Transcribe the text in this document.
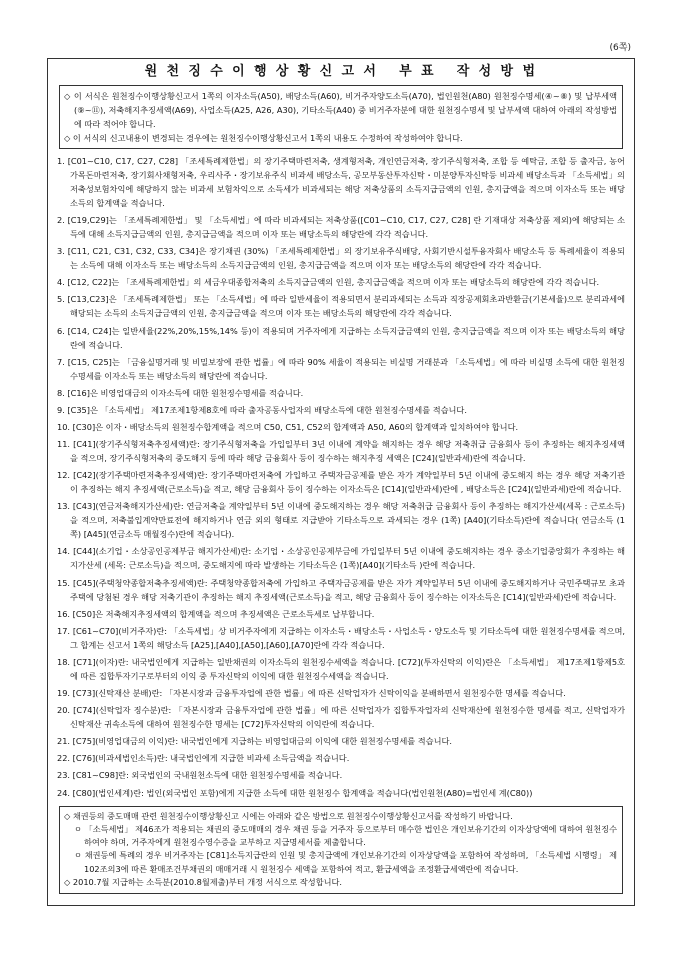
(6쪽)
원 천 징 수 이 행 상 황 신 고 서   부 표   작 성 방 법

◇ 이 서식은 원천징수이행상황신고서 1쪽의 이자소득(A50), 배당소득(A60), 비거주자양도소득(A70), 법인원천(A80) 원천징수명세(④~⑧) 및 납부세액(⑨~⑪), 저축해지추징세액(A69), 사업소득(A25, A26, A30), 기타소득(A40) 중 비거주자분에 대한 원천징수명세 및 납부세액 대하여 아래의 작성방법에 따라 적어야 합니다.

◇ 이 서식의 신고내용이 변경되는 경우에는 원천징수이행상황신고서 1쪽의 내용도 수정하여 작성하여야 합니다.

1. [C01~C10, C17, C27, C28] 「조세특례제한법」의 장기주택마련저축, 생계형저축, 개인연금저축, 장기주식형저축, 조합 등 예탁금, 조합 등 출자금, 농어가목돈마련저축, 장기회사채형저축, 우리사주・장기보유주식 비과세 배당소득, 공모부동산투자신탁・미분양투자신탁등 비과세 배당소득과 「소득세법」의 저축성보험차익에 해당하지 않는 비과세 보험차익으로 소득세가 비과세되는 해당 저축상품의 소득지급금액의 인원, 총지급액을 적으며 이자소득 또는 배당소득의 합계액을 적습니다.
2. [C19,C29]는 「조세특례제한법」 및 「소득세법」에 따라 비과세되는 저축상품([C01~C10, C17, C27, C28] 란 기재대상 저축상품 제외)에 해당되는 소득에 대해 소득지급금액의 인원, 총지급금액을 적으며 이자 또는 배당소득의 해당란에 각각 적습니다.
3. [C11, C21, C31, C32, C33, C34]은 장기채권 (30%) 「조세특례제한법」의 장기보유주식배당, 사회기반시설투융자회사 배당소득 등 특례세율이 적용되는 소득에 대해 이자소득 또는 배당소득의 소득지급금액의 인원, 총지급금액을 적으며 이자 또는 배당소득의 해당란에 각각 적습니다.
4. [C12, C22]는 「조세특례제한법」의 세금우대종합저축의 소득지급금액의 인원, 총지급금액을 적으며 이자 또는 배당소득의 해당란에 각각 적습니다.
5. [C13,C23]은 「조세특례제한법」 또는 「소득세법」에 따라 일반세율이 적용되면서 분리과세되는 소득과 직장공제회초과반환금(기본세율)으로 분리과세에 해당되는 소득의 소득지급금액의 인원, 총지급금액을 적으며 이자 또는 배당소득의 해당란에 각각 적습니다.
6. [C14, C24]는 일반세율(22%,20%,15%,14% 등)이 적용되며 거주자에게 지급하는 소득지급금액의 인원, 총지급금액을 적으며 이자 또는 배당소득의 해당란에 적습니다.
7. [C15, C25]는 「금융실명거래 및 비밀보장에 관한 법률」에 따라 90% 세율이 적용되는 비실명 거래분과 「소득세법」에 따라 비실명 소득에 대한 원천징수명세를 이자소득 또는 배당소득의 해당란에 적습니다.
8. [C16]은 비영업대금의 이자소득에 대한 원천징수명세를 적습니다.
9. [C35]은 「소득세법」 제17조제1항제8호에 따라 출자공동사업자의 배당소득에 대한 원천징수명세를 적습니다.
10. [C30]은 이자・배당소득의 원천징수합계액을 적으며 C50, C51, C52의 합계액과 A50, A60의 합계액과 일치하여야 합니다.
11. [C41](장기주식형저축추징세액)란: 장기주식형저축을 가입일부터 3년 이내에 계약을 해지하는 경우 해당 저축취급 금융회사 등이 추징하는 해지추징세액을 적으며, 장기주식형저축의 중도해지 등에 따라 해당 금융회사 등이 징수하는 해지추징 세액은 [C24](일반과세)란에 적습니다.
12. [C42](장기주택마련저축추징세액)란: 장기주택마련저축에 가입하고 주택자금공제를 받은 자가 계약일부터 5년 이내에 중도해지 하는 경우 해당 저축기관이 추징하는 해지 추징세액(근로소득)을 적고, 해당 금융회사 등이 징수하는 이자소득은 [C14](일반과세)란에 , 배당소득은 [C24](일반과세)란에 적습니다.
13. [C43](연금저축해지가산세)란: 연금저축을 계약일부터 5년 이내에 중도해지하는 경우 해당 저축취급 금융회사 등이 추징하는 해지가산세(세목 : 근로소득)을 적으며, 저축불입계약만료전에 해지하거나 연금 외의 형태로 지급받아 기타소득으로 과세되는 경우 (1쪽) [A40](기타소득)란에 적습니다( 연금소득 (1쪽) [A45](연금소득 매월징수)란에 적습니다).
14. [C44](소기업・소상공인공제부금 해지가산세)란: 소기업・소상공인공제부금에 가입일부터 5년 이내에 중도해지하는 경우 중소기업중앙회가 추징하는 해지가산세 (세목: 근로소득)을 적으며, 중도해지에 따라 발생하는 기타소득은 (1쪽)[A40](기타소득 )란에 적습니다.
15. [C45](주택청약종합저축추징세액)란: 주택청약종합저축에 가입하고 주택자금공제를 받은 자가 계약일부터 5년 이내에 중도해지하거나 국민주택규모 초과 주택에 당첨된 경우 해당 저축기관이 추징하는 해지 추징세액(근로소득)을 적고, 해당 금융회사 등이 징수하는 이자소득은 [C14](일반과세)란에 적습니다.
16. [C50]은 저축해지추징세액의 합계액을 적으며 추징세액은 근로소득세로 납부합니다.
17. [C61~C70](비거주자)란: 「소득세법」상 비거주자에게 지급하는 이자소득・배당소득・사업소득・양도소득 및 기타소득에 대한 원천징수명세를 적으며, 그 합계는 신고서 1쪽의 해당소득 [A25],[A40],[A50],[A60],[A70]란에 각각 적습니다.
18. [C71](이자)란: 내국법인에게 지급하는 일반채권의 이자소득의 원천징수세액을 적습니다. [C72](투자신탁의 이익)란은 「소득세법」 제17조제1항제5호에 따른 집합투자기구로부터의 이익 중 투자신탁의 이익에 대한 원천징수세액을 적습니다.
19. [C73](신탁재산 분배)란: 「자본시장과 금융투자업에 관한 법률」에 따른 신탁업자가 신탁이익을 분배하면서 원천징수한 명세를 적습니다.
20. [C74](신탁업자 징수분)란: 「자본시장과 금융투자업에 관한 법률」에 따른 신탁업자가 집합투자업자의 신탁재산에 원천징수한 명세를 적고, 신탁업자가 신탁재산 귀속소득에 대하여 원천징수한 명세는 [C72]투자신탁의 이익란에 적습니다.
21. [C75](비영업대금의 이익)란: 내국법인에게 지급하는 비영업대금의 이익에 대한 원천징수명세를 적습니다.
22. [C76](비과세법인소득)란: 내국법인에게 지급한 비과세 소득금액을 적습니다.
23. [C81~C98]란: 외국법인의 국내원천소득에 대한 원천징수명세를 적습니다.
24. [C80](법인세계)란: 법인(외국법인 포함)에게 지급한 소득에 대한 원천징수 합계액을 적습니다(법인원천(A80)=법인세 계(C80))

◇ 채권등의 중도매매 관련 원천징수이행상황신고 시에는 아래와 같은 방법으로 원천징수이행상황신고서를 작성하기 바랍니다.

ㅇ 「소득세법」 제46조가 적용되는 채권의 중도매매의 경우 채권 등을 거주자 등으로부터 매수한 법인은 개인보유기간의 이자상당액에 대하여 원천징수하여야 하며, 거주자에게 원천징수영수증을 교부하고 지급명세서를 제출합니다.

ㅇ 채권등에 특례의 경우 비거주자는 [C81]소득지급란의 인원 및 총지급액에 개인보유기간의 이자상당액을 포함하여 작성하며, 「소득세법 시행령」 제102조의3에 따른 환매조건부채권의 매매거래 시 원천징수 세액을 포함하여 적고, 환급세액을 조정환급세액란에 적습니다.

◇ 2010.7월 지급하는 소득분(2010.8월제출)부터 개정 서식으로 작성합니다.
